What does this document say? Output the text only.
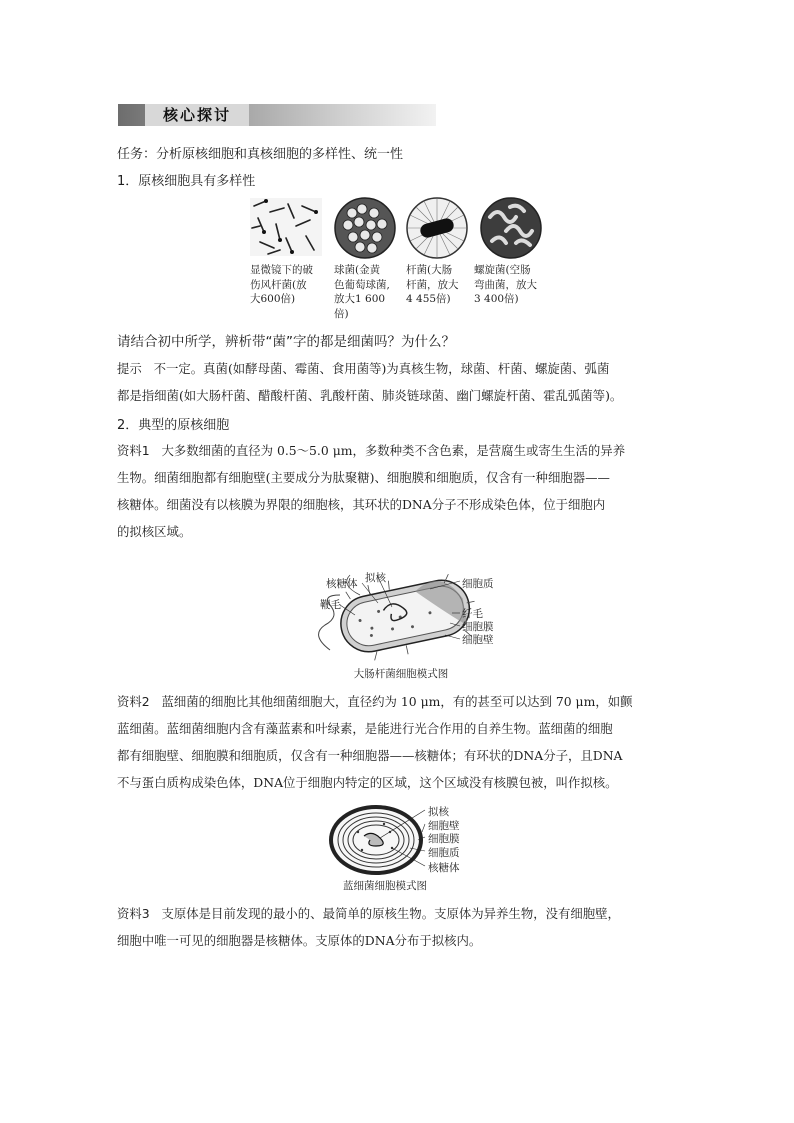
核心探讨
任务：分析原核细胞和真核细胞的多样性、统一性
1．原核细胞具有多样性
显微镜下的破
伤风杆菌(放
大600倍)
球菌(金黄
色葡萄球菌,
放大1 600
倍)
杆菌(大肠
杆菌，放大
4 455倍)
螺旋菌(空肠
弯曲菌，放大
3 400倍)
请结合初中所学，辨析带“菌”字的都是细菌吗？为什么？
提示 不一定。真菌(如酵母菌、霉菌、食用菌等)为真核生物，球菌、杆菌、螺旋菌、弧菌
都是指细菌(如大肠杆菌、醋酸杆菌、乳酸杆菌、肺炎链球菌、幽门螺旋杆菌、霍乱弧菌等)。
2．典型的原核细胞
资料1 大多数细菌的直径为 0.5～5.0 μm，多数种类不含色素，是营腐生或寄生生活的异养
生物。细菌细胞都有细胞壁(主要成分为肽聚糖)、细胞膜和细胞质，仅含有一种细胞器——
核糖体。细菌没有以核膜为界限的细胞核，其环状的DNA分子不形成染色体，位于细胞内
的拟核区域。
核糖体 拟核
鞭毛
细胞质
纤毛
细胞膜
细胞壁
大肠杆菌细胞模式图
资料2 蓝细菌的细胞比其他细菌细胞大，直径约为 10 μm，有的甚至可以达到 70 μm，如颤
蓝细菌。蓝细菌细胞内含有藻蓝素和叶绿素，是能进行光合作用的自养生物。蓝细菌的细胞
都有细胞壁、细胞膜和细胞质，仅含有一种细胞器——核糖体；有环状的DNA分子，且DNA
不与蛋白质构成染色体，DNA位于细胞内特定的区域，这个区域没有核膜包被，叫作拟核。
拟核
细胞壁
细胞膜
细胞质
核糖体
蓝细菌细胞模式图
资料3 支原体是目前发现的最小的、最简单的原核生物。支原体为异养生物，没有细胞壁，
细胞中唯一可见的细胞器是核糖体。支原体的DNA分布于拟核内。
